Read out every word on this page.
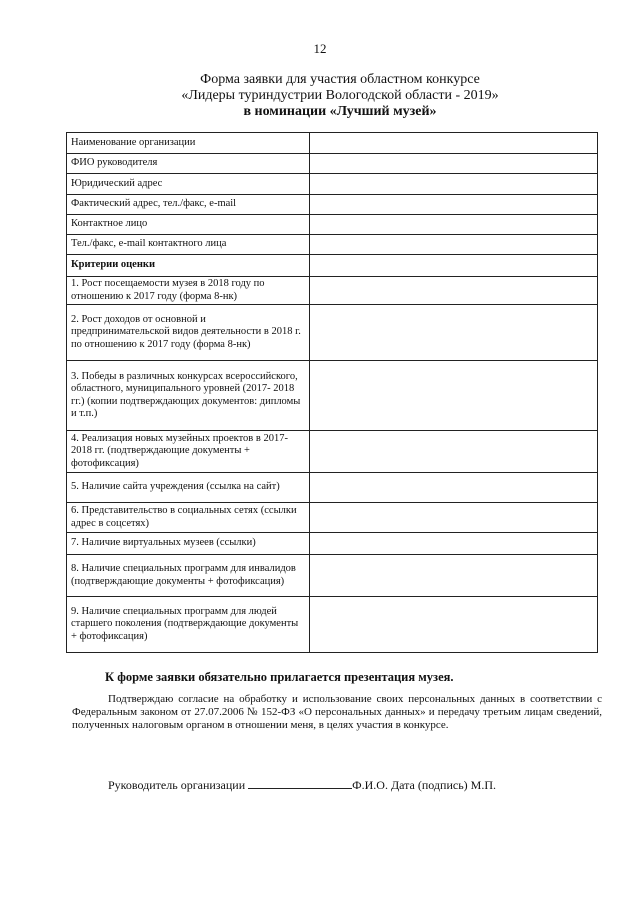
12
Форма заявки для участия областном конкурсе
«Лидеры туриндустрии Вологодской области - 2019»
в номинации «Лучший музей»
Наименование организации	
ФИО руководителя	
Юридический адрес	
Фактический адрес, тел./факс, e-mail	
Контактное лицо	
Тел./факс, e-mail контактного лица	
Критерии оценки	
1. Рост посещаемости музея в 2018 году по отношению к 2017 году (форма 8-нк)	
2. Рост доходов от основной и предпринимательской видов деятельности в 2018 г. по отношению к 2017 году (форма 8-нк)	
3. Победы в различных конкурсах всероссийского, областного, муниципального уровней (2017- 2018 гг.) (копии подтверждающих документов: дипломы и т.п.)	
4. Реализация новых музейных проектов в 2017-2018 гг. (подтверждающие документы + фотофиксация)	
5. Наличие сайта учреждения (ссылка на сайт)	
6. Представительство в социальных сетях (ссылки адрес в соцсетях)	
7. Наличие виртуальных музеев (ссылки)	
8. Наличие специальных программ для инвалидов (подтверждающие документы + фотофиксация)	
9. Наличие специальных программ для людей старшего поколения (подтверждающие документы + фотофиксация)	
К форме заявки обязательно прилагается презентация музея.

Подтверждаю согласие на обработку и использование своих персональных данных в соответствии с Федеральным законом от 27.07.2006 № 152-ФЗ «О персональных данных» и передачу третьим лицам сведений, полученных налоговым органом в отношении меня, в целях участия в конкурсе.

Руководитель организации	Ф.И.О. Дата (подпись) М.П.
